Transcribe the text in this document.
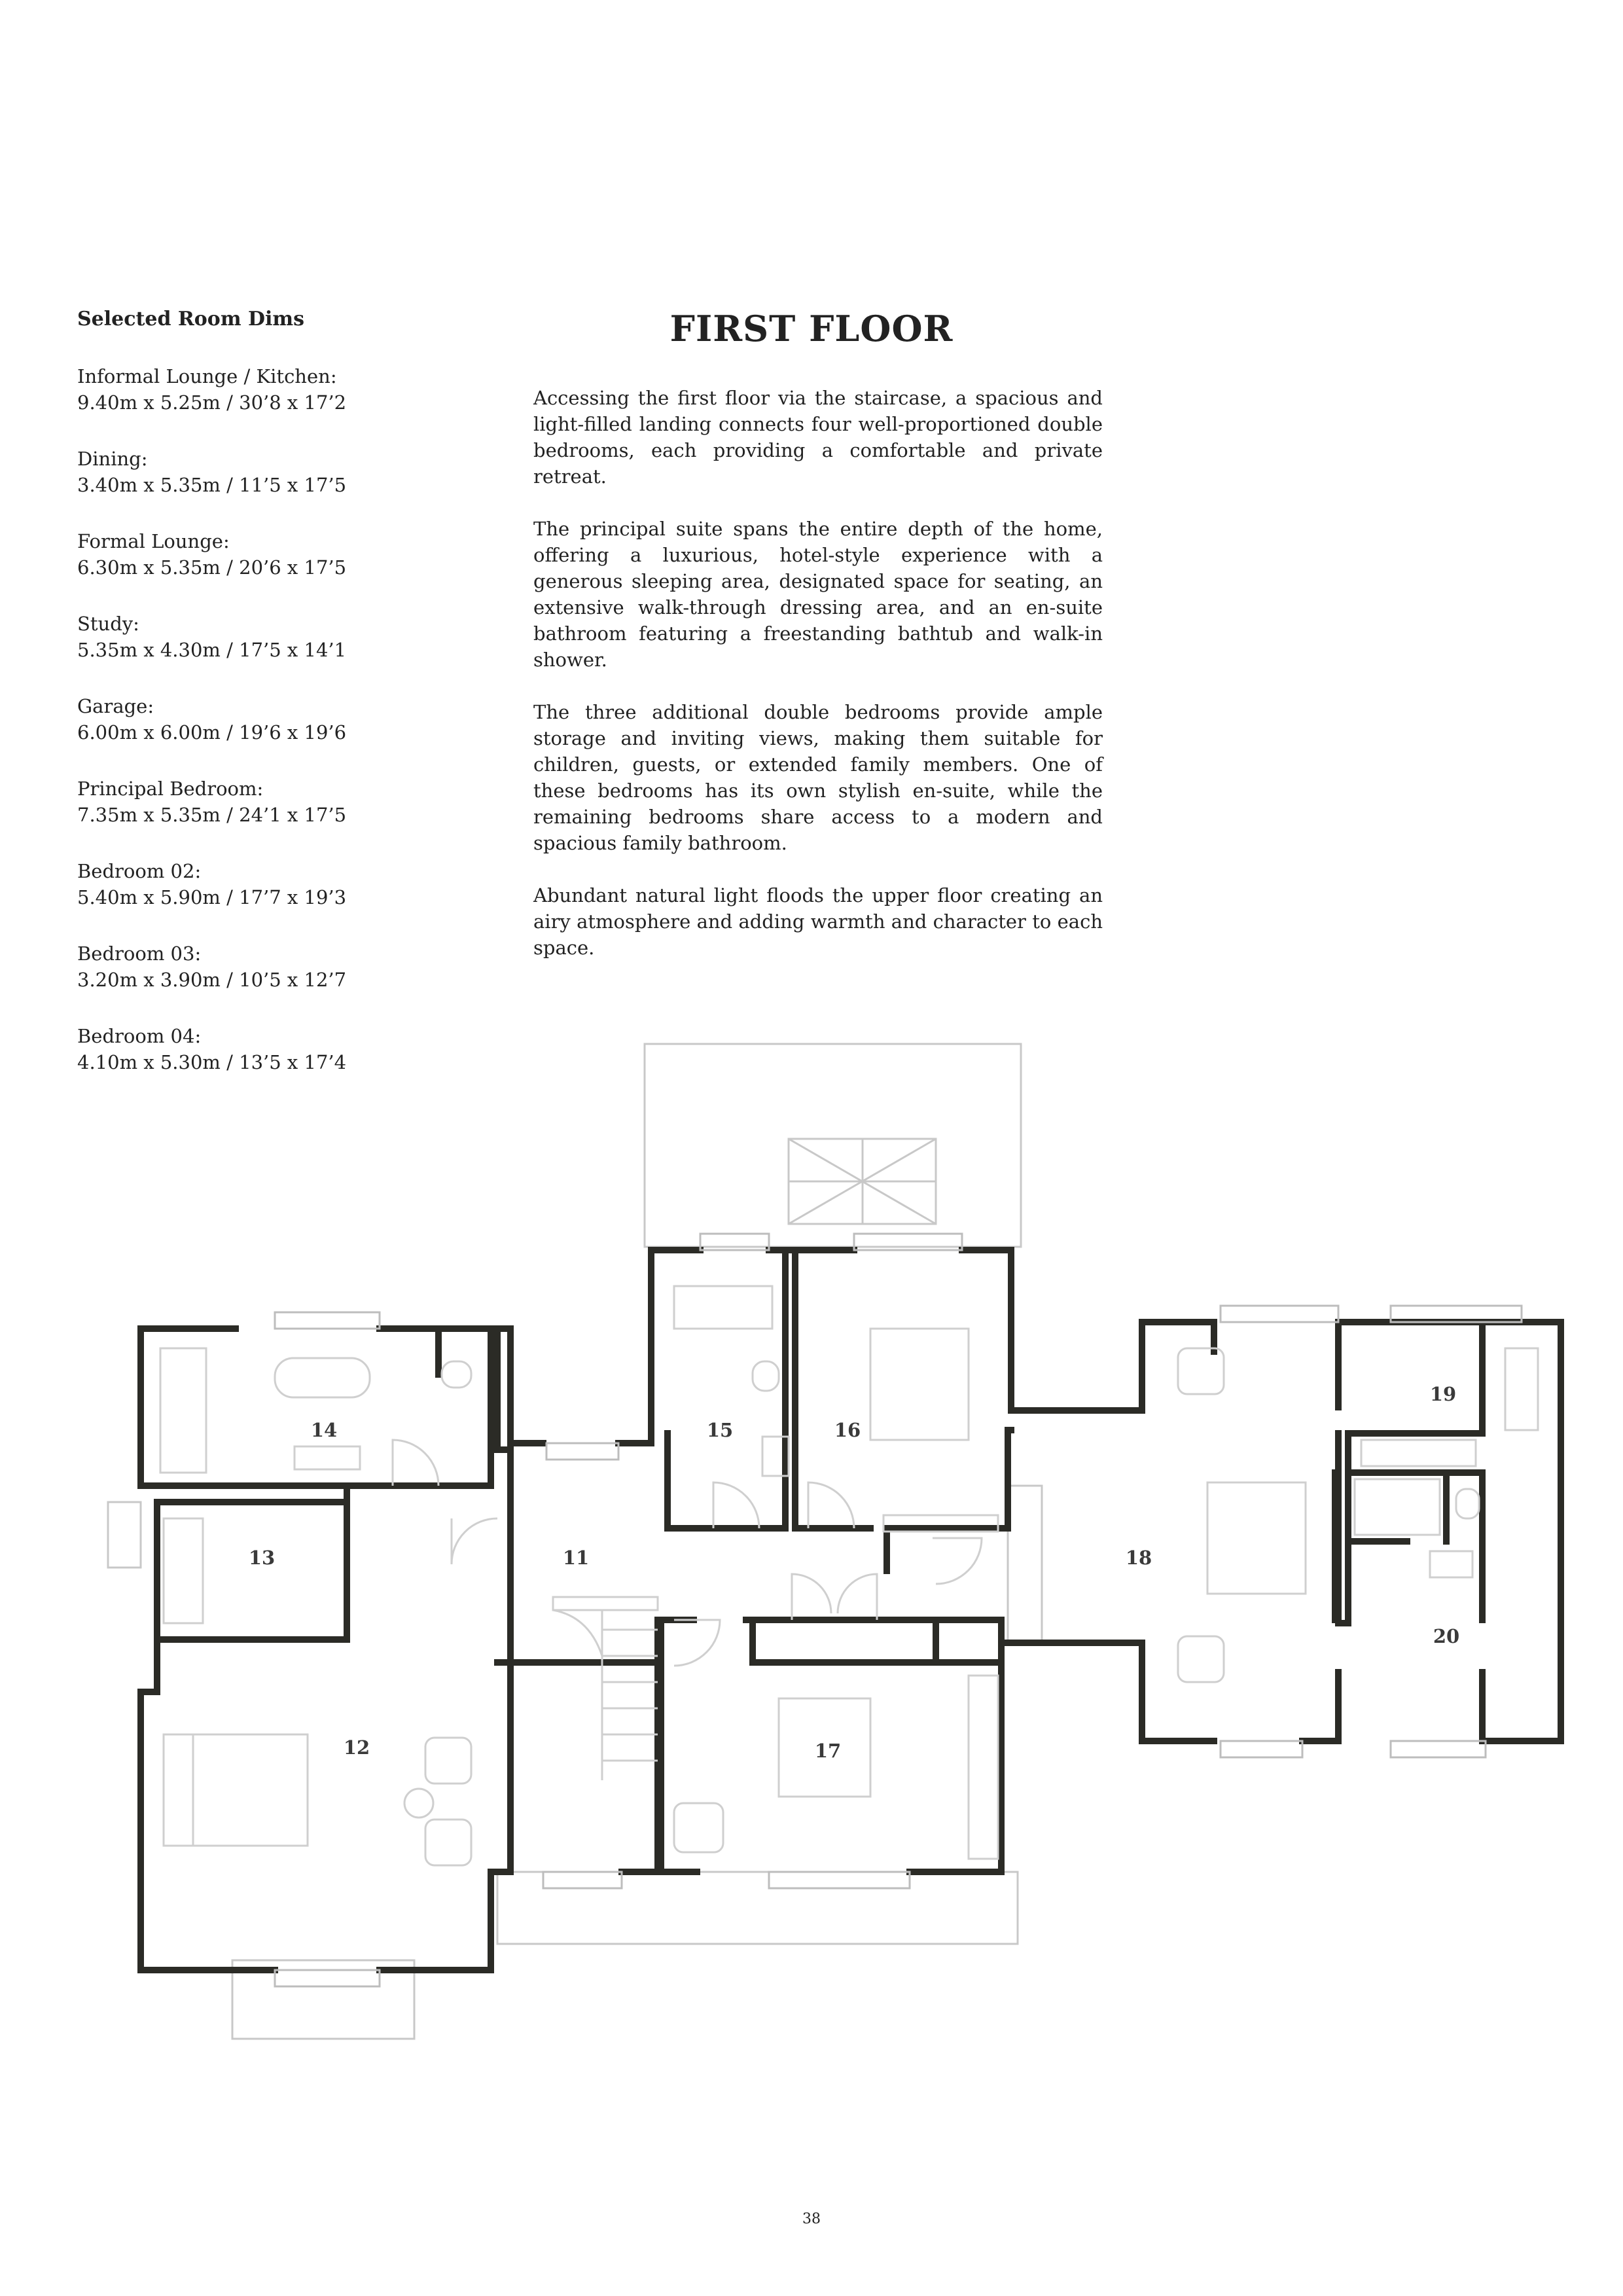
Selected Room Dims
Informal Lounge / Kitchen:
9.40m x 5.25m / 30’8 x 17’2
Dining:
3.40m x 5.35m / 11’5 x 17’5
Formal Lounge:
6.30m x 5.35m / 20’6 x 17’5
Study:
5.35m x 4.30m / 17’5 x 14’1
Garage:
6.00m x 6.00m / 19’6 x 19’6
Principal Bedroom:
7.35m x 5.35m / 24’1 x 17’5
Bedroom 02:
5.40m x 5.90m / 17’7 x 19’3
Bedroom 03:
3.20m x 3.90m / 10’5 x 12’7
Bedroom 04:
4.10m x 5.30m / 13’5 x 17’4
FIRST FLOOR

Accessing the first floor via the staircase, a spacious and light-filled landing connects four well-proportioned double bedrooms, each providing a comfortable and private retreat.

The principal suite spans the entire depth of the home, offering a luxurious, hotel-style experience with a generous sleeping area, designated space for seating, an extensive walk-through dressing area, and an en-suite bathroom featuring a freestanding bathtub and walk-in shower.

The three additional double bedrooms provide ample storage and inviting views, making them suitable for children, guests, or extended family members. One of these bedrooms has its own stylish en-suite, while the remaining bedrooms share access to a modern and spacious family bathroom.

Abundant natural light floods the upper floor creating an airy atmosphere and adding warmth and character to each space.

14	15	16
13	11	18
19
20
12	17
38
